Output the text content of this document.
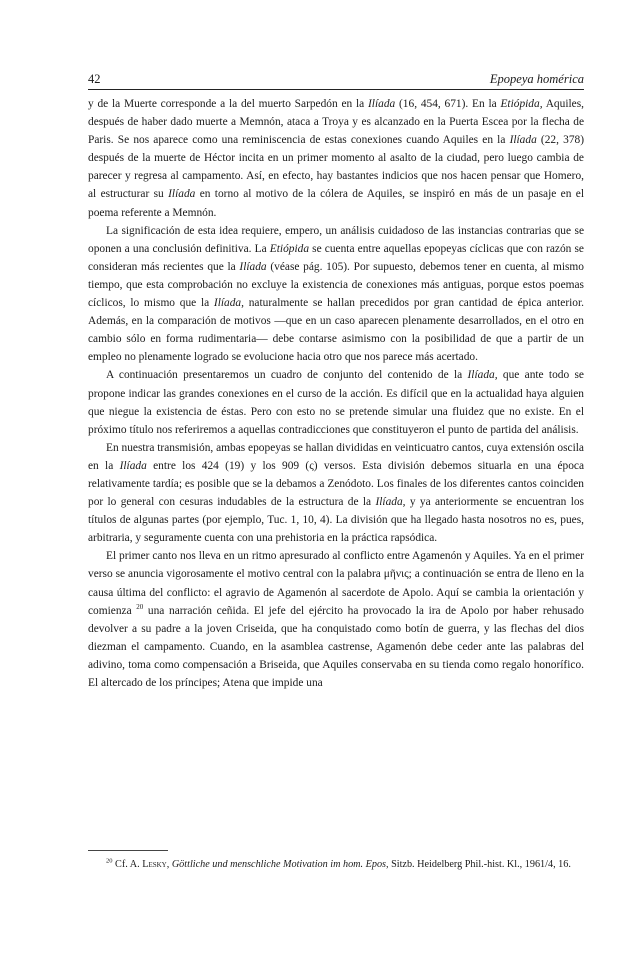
42	Epopeya homérica

y de la Muerte corresponde a la del muerto Sarpedón en la Ilíada (16, 454, 671). En la Etiópida, Aquiles, después de haber dado muerte a Memnón, ataca a Troya y es alcanzado en la Puerta Escea por la flecha de Paris. Se nos aparece como una reminiscencia de estas conexiones cuando Aquiles en la Ilíada (22, 378) después de la muerte de Héctor incita en un primer momento al asalto de la ciudad, pero luego cambia de parecer y regresa al campamento. Así, en efecto, hay bastantes indicios que nos hacen pensar que Homero, al estructurar su Ilíada en torno al motivo de la cólera de Aquiles, se inspiró en más de un pasaje en el poema referente a Memnón.

La significación de esta idea requiere, empero, un análisis cuidadoso de las instancias contrarias que se oponen a una conclusión definitiva. La Etiópida se cuenta entre aquellas epopeyas cíclicas que con razón se consideran más recientes que la Ilíada (véase pág. 105). Por supuesto, debemos tener en cuenta, al mismo tiempo, que esta comprobación no excluye la existencia de conexiones más antiguas, porque estos poemas cíclicos, lo mismo que la Ilíada, naturalmente se hallan precedidos por gran cantidad de épica anterior. Además, en la comparación de motivos —que en un caso aparecen plenamente desarrollados, en el otro en cambio sólo en forma rudimentaria— debe contarse asimismo con la posibilidad de que a partir de un empleo no plenamente logrado se evolucione hacia otro que nos parece más acertado.

A continuación presentaremos un cuadro de conjunto del contenido de la Ilíada, que ante todo se propone indicar las grandes conexiones en el curso de la acción. Es difícil que en la actualidad haya alguien que niegue la existencia de éstas. Pero con esto no se pretende simular una fluidez que no existe. En el próximo título nos referiremos a aquellas contradicciones que constituyeron el punto de partida del análisis.

En nuestra transmisión, ambas epopeyas se hallan divididas en veinticuatro cantos, cuya extensión oscila en la Ilíada entre los 424 (19) y los 909 (ς) versos. Esta división debemos situarla en una época relativamente tardía; es posible que se la debamos a Zenódoto. Los finales de los diferentes cantos coinciden por lo general con cesuras indudables de la estructura de la Ilíada, y ya anteriormente se encuentran los títulos de algunas partes (por ejemplo, Tuc. 1, 10, 4). La división que ha llegado hasta nosotros no es, pues, arbitraria, y seguramente cuenta con una prehistoria en la práctica rapsódica.

El primer canto nos lleva en un ritmo apresurado al conflicto entre Agamenón y Aquiles. Ya en el primer verso se anuncia vigorosamente el motivo central con la palabra μῆνις; a continuación se entra de lleno en la causa última del conflicto: el agravio de Agamenón al sacerdote de Apolo. Aquí se cambia la orientación y comienza $^{20}$ una narración ceñida. El jefe del ejército ha provocado la ira de Apolo por haber rehusado devolver a su padre a la joven Criseida, que ha conquistado como botín de guerra, y las flechas del dios diezman el campamento. Cuando, en la asamblea castrense, Agamenón debe ceder ante las palabras del adivino, toma como compensación a Briseida, que Aquiles conservaba en su tienda como regalo honorífico. El altercado de los príncipes; Atena que impide una

$^{20}$ Cf. A. Lesky, Göttliche und menschliche Motivation im hom. Epos, Sitzb. Heidelberg Phil.-hist. Kl., 1961/4, 16.
